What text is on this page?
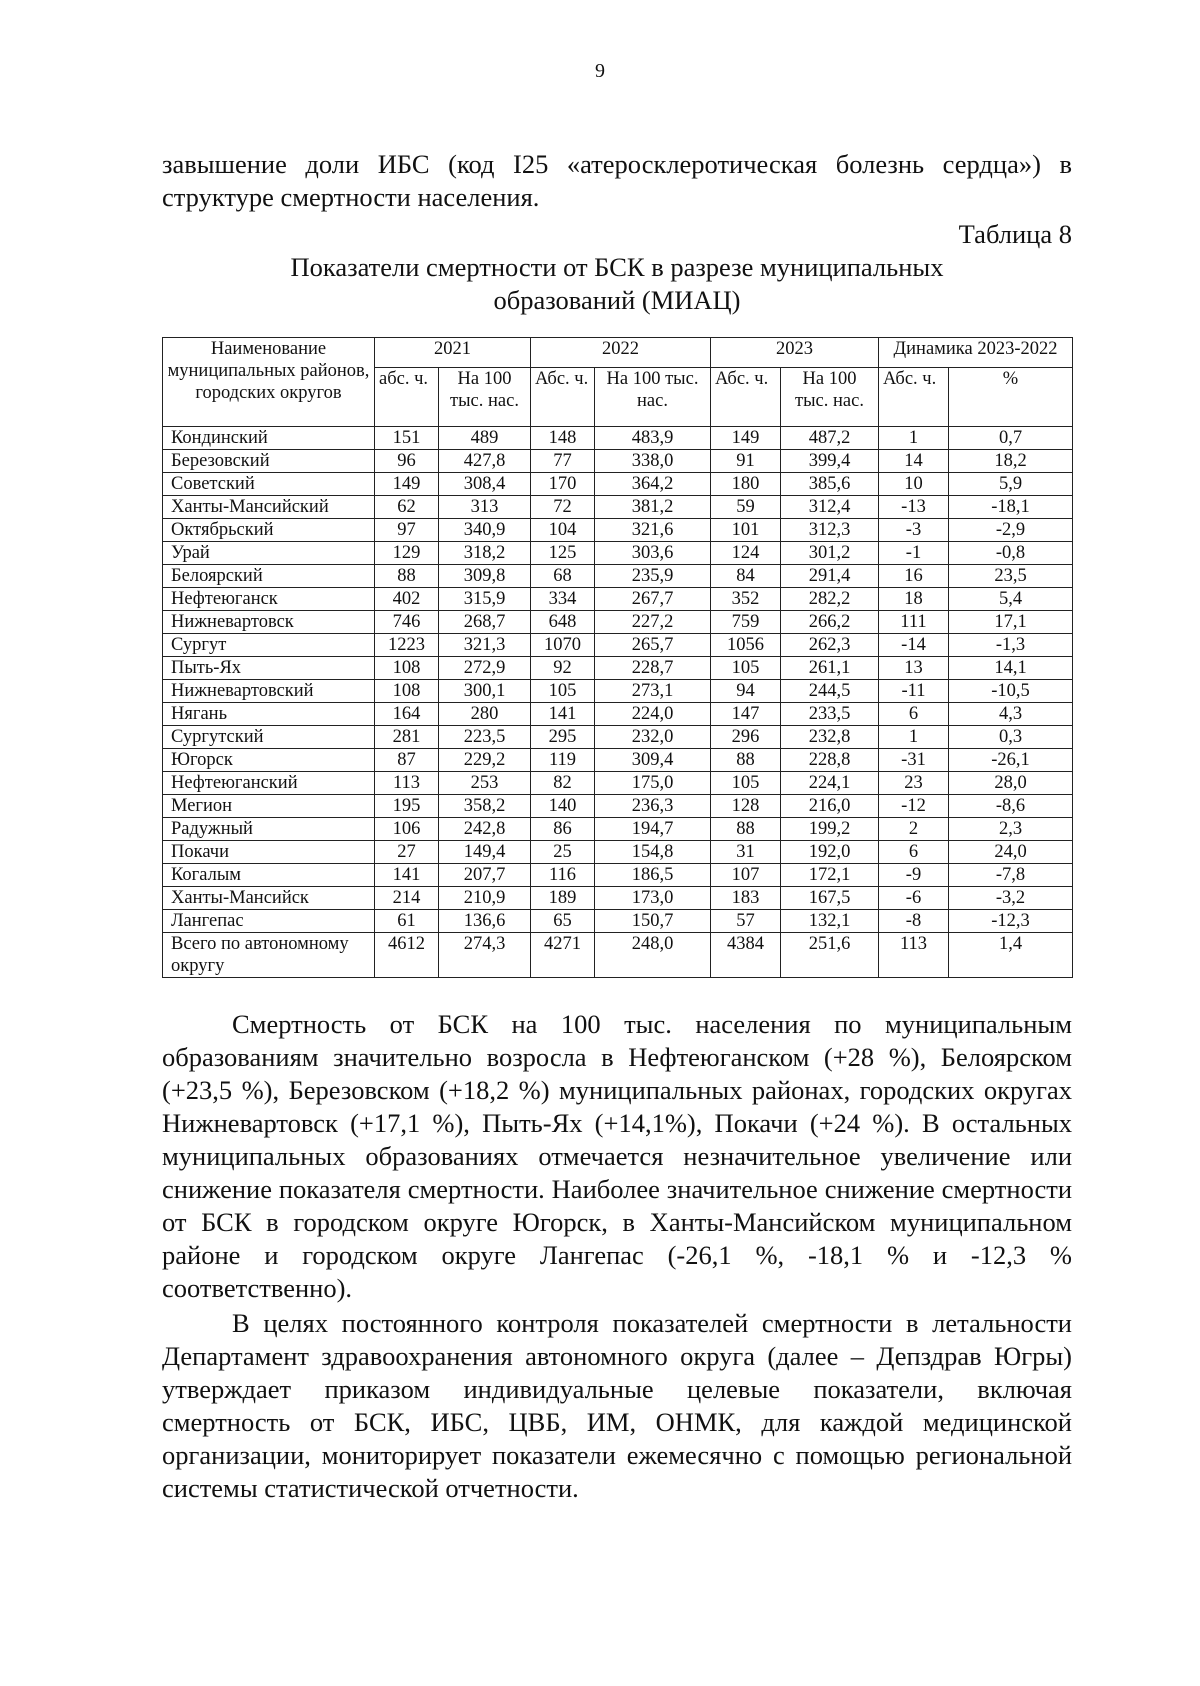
9

завышение доли ИБС (код I25 «атеросклеротическая болезнь сердца») в структуре смертности населения.

Таблица 8
Показатели смертности от БСК в разрезе муниципальных
образований (МИАЦ)
Наименование муниципальных районов, городских округов	2021		2022		2023		Динамика 2023-2022	
	абс. ч.	На 100 тыс. нас.	Абс. ч.	На 100 тыс. нас.	Абс. ч.	На 100 тыс. нас.	Абс. ч.	%
Кондинский	151	489	148	483,9	149	487,2	1	0,7
Березовский	96	427,8	77	338,0	91	399,4	14	18,2
Советский	149	308,4	170	364,2	180	385,6	10	5,9
Ханты-Мансийский	62	313	72	381,2	59	312,4	-13	-18,1
Октябрьский	97	340,9	104	321,6	101	312,3	-3	-2,9
Урай	129	318,2	125	303,6	124	301,2	-1	-0,8
Белоярский	88	309,8	68	235,9	84	291,4	16	23,5
Нефтеюганск	402	315,9	334	267,7	352	282,2	18	5,4
Нижневартовск	746	268,7	648	227,2	759	266,2	111	17,1
Сургут	1223	321,3	1070	265,7	1056	262,3	-14	-1,3
Пыть-Ях	108	272,9	92	228,7	105	261,1	13	14,1
Нижневартовский	108	300,1	105	273,1	94	244,5	-11	-10,5
Нягань	164	280	141	224,0	147	233,5	6	4,3
Сургутский	281	223,5	295	232,0	296	232,8	1	0,3
Югорск	87	229,2	119	309,4	88	228,8	-31	-26,1
Нефтеюганский	113	253	82	175,0	105	224,1	23	28,0
Мегион	195	358,2	140	236,3	128	216,0	-12	-8,6
Радужный	106	242,8	86	194,7	88	199,2	2	2,3
Покачи	27	149,4	25	154,8	31	192,0	6	24,0
Когалым	141	207,7	116	186,5	107	172,1	-9	-7,8
Ханты-Мансийск	214	210,9	189	173,0	183	167,5	-6	-3,2
Лангепас	61	136,6	65	150,7	57	132,1	-8	-12,3
Всего по автономному округу	4612	274,3	4271	248,0	4384	251,6	113	1,4

Смертность от БСК на 100 тыс. населения по муниципальным образованиям значительно возросла в Нефтеюганском (+28 %), Белоярском (+23,5 %), Березовском (+18,2 %) муниципальных районах, городских округах Нижневартовск (+17,1 %), Пыть-Ях (+14,1%), Покачи (+24 %). В остальных муниципальных образованиях отмечается незначительное увеличение или снижение показателя смертности. Наиболее значительное снижение смертности от БСК в городском округе Югорск, в Ханты-Мансийском муниципальном районе и городском округе Лангепас (-26,1 %, -18,1 % и -12,3 % соответственно).

В целях постоянного контроля показателей смертности в летальности Департамент здравоохранения автономного округа (далее – Депздрав Югры) утверждает приказом индивидуальные целевые показатели, включая смертность от БСК, ИБС, ЦВБ, ИМ, ОНМК, для каждой медицинской организации, мониторирует показатели ежемесячно с помощью региональной системы статистической отчетности.
